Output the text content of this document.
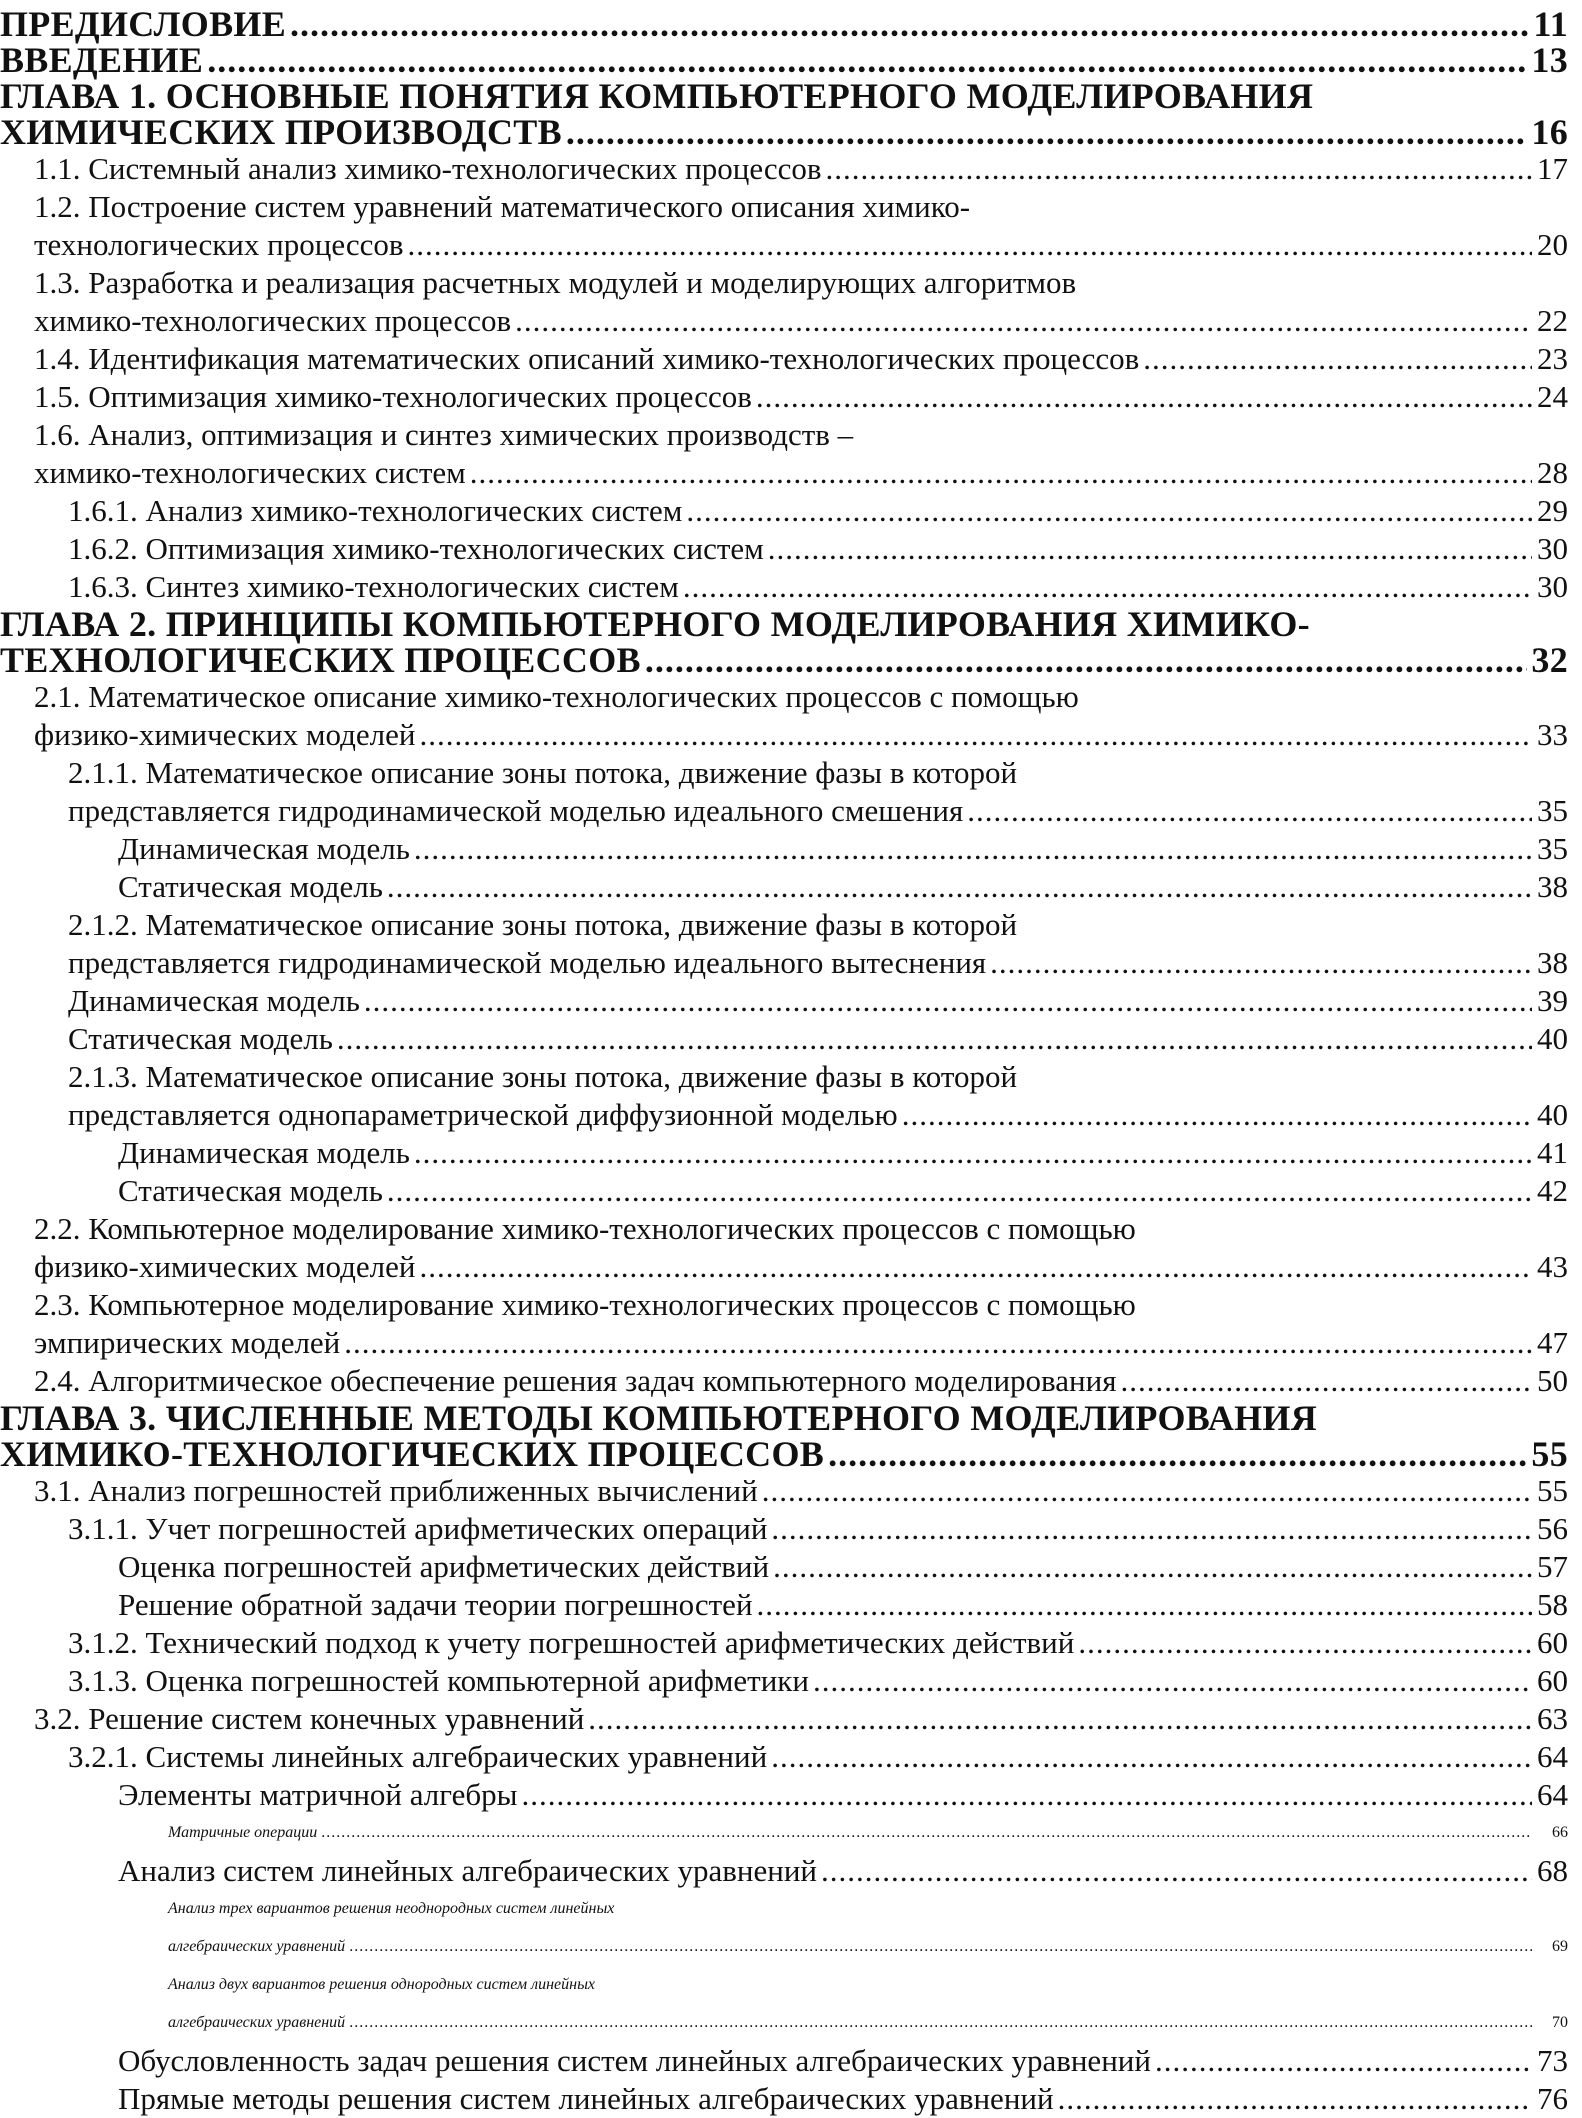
ПРЕДИСЛОВИЕ .....	11
ВВЕДЕНИЕ .....	13
ГЛАВА 1. ОСНОВНЫЕ ПОНЯТИЯ КОМПЬЮТЕРНОГО МОДЕЛИРОВАНИЯ
ХИМИЧЕСКИХ ПРОИЗВОДСТВ .....	16
1.1. Системный анализ химико-технологических процессов .....	17
1.2. Построение систем уравнений математического описания химико-
технологических процессов .....	20
1.3. Разработка и реализация расчетных модулей и моделирующих алгоритмов
химико-технологических процессов .....	22
1.4. Идентификация математических описаний химико-технологических процессов .....	23
1.5. Оптимизация химико-технологических процессов .....	24
1.6. Анализ, оптимизация и синтез химических производств –
химико-технологических систем .....	28
1.6.1. Анализ химико-технологических систем .....	29
1.6.2. Оптимизация химико-технологических систем .....	30
1.6.3. Синтез химико-технологических систем .....	30
ГЛАВА 2. ПРИНЦИПЫ КОМПЬЮТЕРНОГО МОДЕЛИРОВАНИЯ ХИМИКО-
ТЕХНОЛОГИЧЕСКИХ ПРОЦЕССОВ .....	32
2.1. Математическое описание химико-технологических процессов с помощью
физико-химических моделей .....	33
2.1.1. Математическое описание зоны потока, движение фазы в которой
представляется гидродинамической моделью идеального смешения .....	35
Динамическая модель .....	35
Статическая модель .....	38
2.1.2. Математическое описание зоны потока, движение фазы в которой
представляется гидродинамической моделью идеального вытеснения .....	38
Динамическая модель .....	39
Статическая модель .....	40
2.1.3. Математическое описание зоны потока, движение фазы в которой
представляется однопараметрической диффузионной моделью .....	40
Динамическая модель .....	41
Статическая модель .....	42
2.2. Компьютерное моделирование химико-технологических процессов с помощью
физико-химических моделей .....	43
2.3. Компьютерное моделирование химико-технологических процессов с помощью
эмпирических моделей .....	47
2.4. Алгоритмическое обеспечение решения задач компьютерного моделирования .....	50
ГЛАВА 3. ЧИСЛЕННЫЕ МЕТОДЫ КОМПЬЮТЕРНОГО МОДЕЛИРОВАНИЯ
ХИМИКО-ТЕХНОЛОГИЧЕСКИХ ПРОЦЕССОВ .....	55
3.1. Анализ погрешностей приближенных вычислений .....	55
3.1.1. Учет погрешностей арифметических операций .....	56
Оценка погрешностей арифметических действий .....	57
Решение обратной задачи теории погрешностей .....	58
3.1.2. Технический подход к учету погрешностей арифметических действий .....	60
3.1.3. Оценка погрешностей компьютерной арифметики .....	60
3.2. Решение систем конечных уравнений .....	63
3.2.1. Системы линейных алгебраических уравнений .....	64
Элементы матричной алгебры .....	64
Матричные операции .....	66
Анализ систем линейных алгебраических уравнений .....	68
Анализ трех вариантов решения неоднородных систем линейных
алгебраических уравнений .....	69
Анализ двух вариантов решения однородных систем линейных
алгебраических уравнений .....	70
Обусловленность задач решения систем линейных алгебраических уравнений .....	73
Прямые методы решения систем линейных алгебраических уравнений .....	76
